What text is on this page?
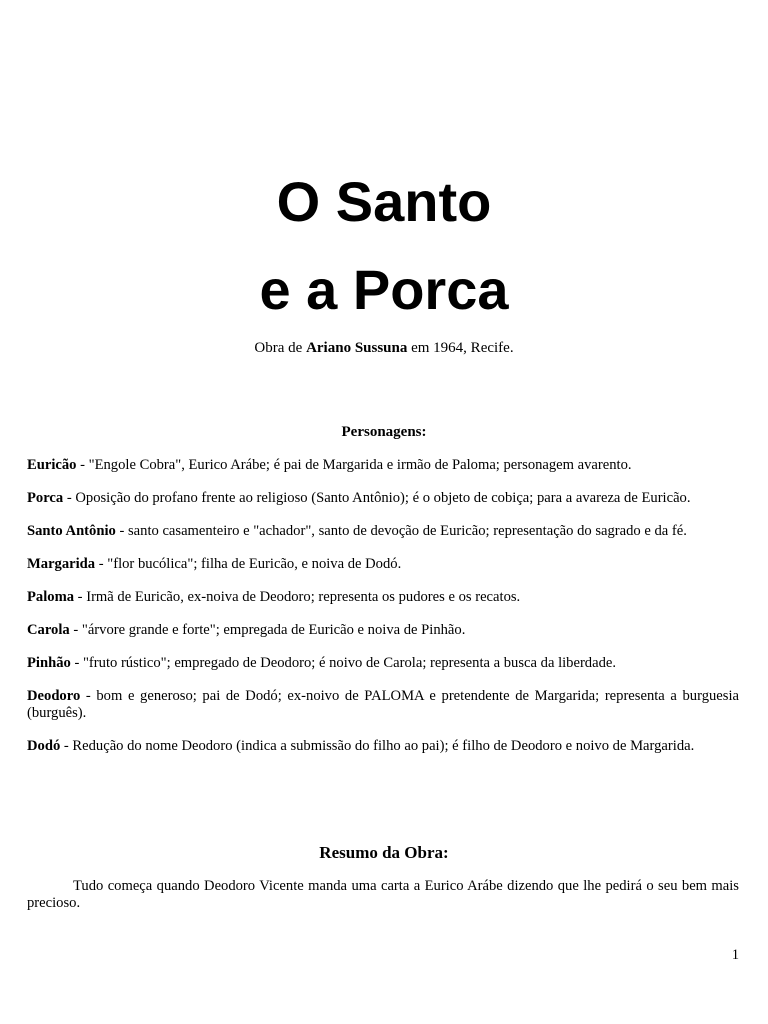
O Santo
e a Porca
Obra de Ariano Sussuna em 1964, Recife.
Personagens:
Euricão - "Engole Cobra", Eurico Arábe; é pai de Margarida e irmão de Paloma; personagem avarento.
Porca - Oposição do profano frente ao religioso (Santo Antônio); é o objeto de cobiça; para a avareza de Euricão.
Santo Antônio - santo casamenteiro e "achador", santo de devoção de Euricão; representação do sagrado e da fé.
Margarida - "flor bucólica"; filha de Euricão, e noiva de Dodó.
Paloma - Irmã de Euricão, ex-noiva de Deodoro; representa os pudores e os recatos.
Carola - "árvore grande e forte"; empregada de Euricão e noiva de Pinhão.
Pinhão - "fruto rústico"; empregado de Deodoro; é noivo de Carola; representa a busca da liberdade.
Deodoro - bom e generoso; pai de Dodó; ex-noivo de PALOMA e pretendente de Margarida; representa a burguesia (burguês).
Dodó - Redução do nome Deodoro (indica a submissão do filho ao pai); é filho de Deodoro e noivo de Margarida.
Resumo da Obra:

Tudo começa quando Deodoro Vicente manda uma carta a Eurico Arábe dizendo que lhe pedirá o seu bem mais precioso.

1
